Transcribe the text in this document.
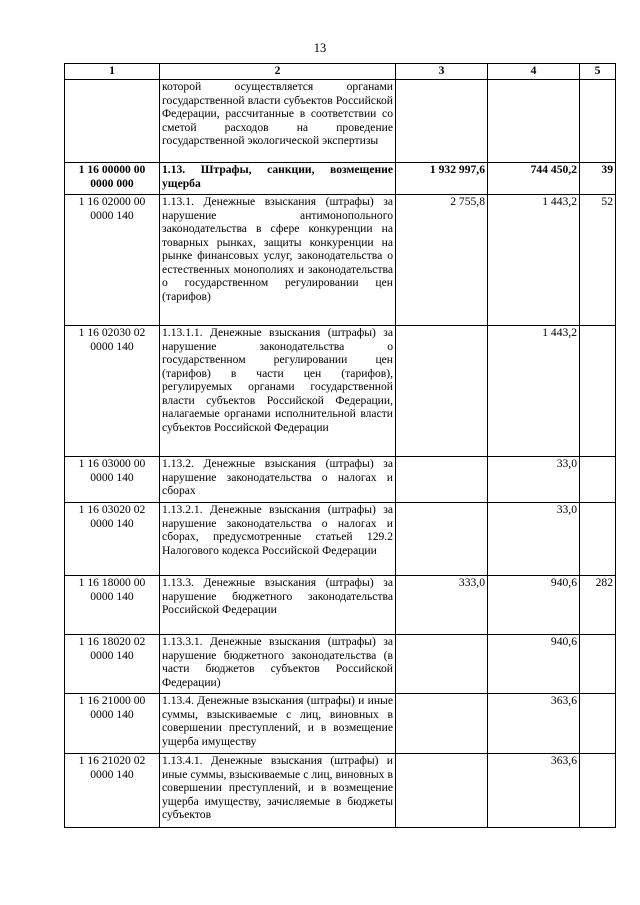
13
1	2	3	4	5
	которой осуществляется органами государственной власти субъектов Российской Федерации, рассчитанные в соответствии со сметой расходов на проведение государственной экологической экспертизы			
1 16 00000 00 0000 000	1.13. Штрафы, санкции, возмещение ущерба	1 932 997,6	744 450,2	39
1 16 02000 00 0000 140	1.13.1. Денежные взыскания (штрафы) за нарушение антимонопольного законодательства в сфере конкуренции на товарных рынках, защиты конкуренции на рынке финансовых услуг, законодательства о естественных монополиях и законодательства о государственном регулировании цен (тарифов)	2 755,8	1 443,2	52
1 16 02030 02 0000 140	1.13.1.1. Денежные взыскания (штрафы) за нарушение законодательства о государственном регулировании цен (тарифов) в части цен (тарифов), регулируемых органами государственной власти субъектов Российской Федерации, налагаемые органами исполнительной власти субъектов Российской Федерации		1 443,2	
1 16 03000 00 0000 140	1.13.2. Денежные взыскания (штрафы) за нарушение законодательства о налогах и сборах		33,0	
1 16 03020 02 0000 140	1.13.2.1. Денежные взыскания (штрафы) за нарушение законодательства о налогах и сборах, предусмотренные статьей 129.2 Налогового кодекса Российской Федерации		33,0	
1 16 18000 00 0000 140	1.13.3. Денежные взыскания (штрафы) за нарушение бюджетного законодательства Российской Федерации	333,0	940,6	282
1 16 18020 02 0000 140	1.13.3.1. Денежные взыскания (штрафы) за нарушение бюджетного законодательства (в части бюджетов субъектов Российской Федерации)		940,6	
1 16 21000 00 0000 140	1.13.4. Денежные взыскания (штрафы) и иные суммы, взыскиваемые с лиц, виновных в совершении преступлений, и в возмещение ущерба имуществу		363,6	
1 16 21020 02 0000 140	1.13.4.1. Денежные взыскания (штрафы) и иные суммы, взыскиваемые с лиц, виновных в совершении преступлений, и в возмещение ущерба имуществу, зачисляемые в бюджеты субъектов		363,6	
